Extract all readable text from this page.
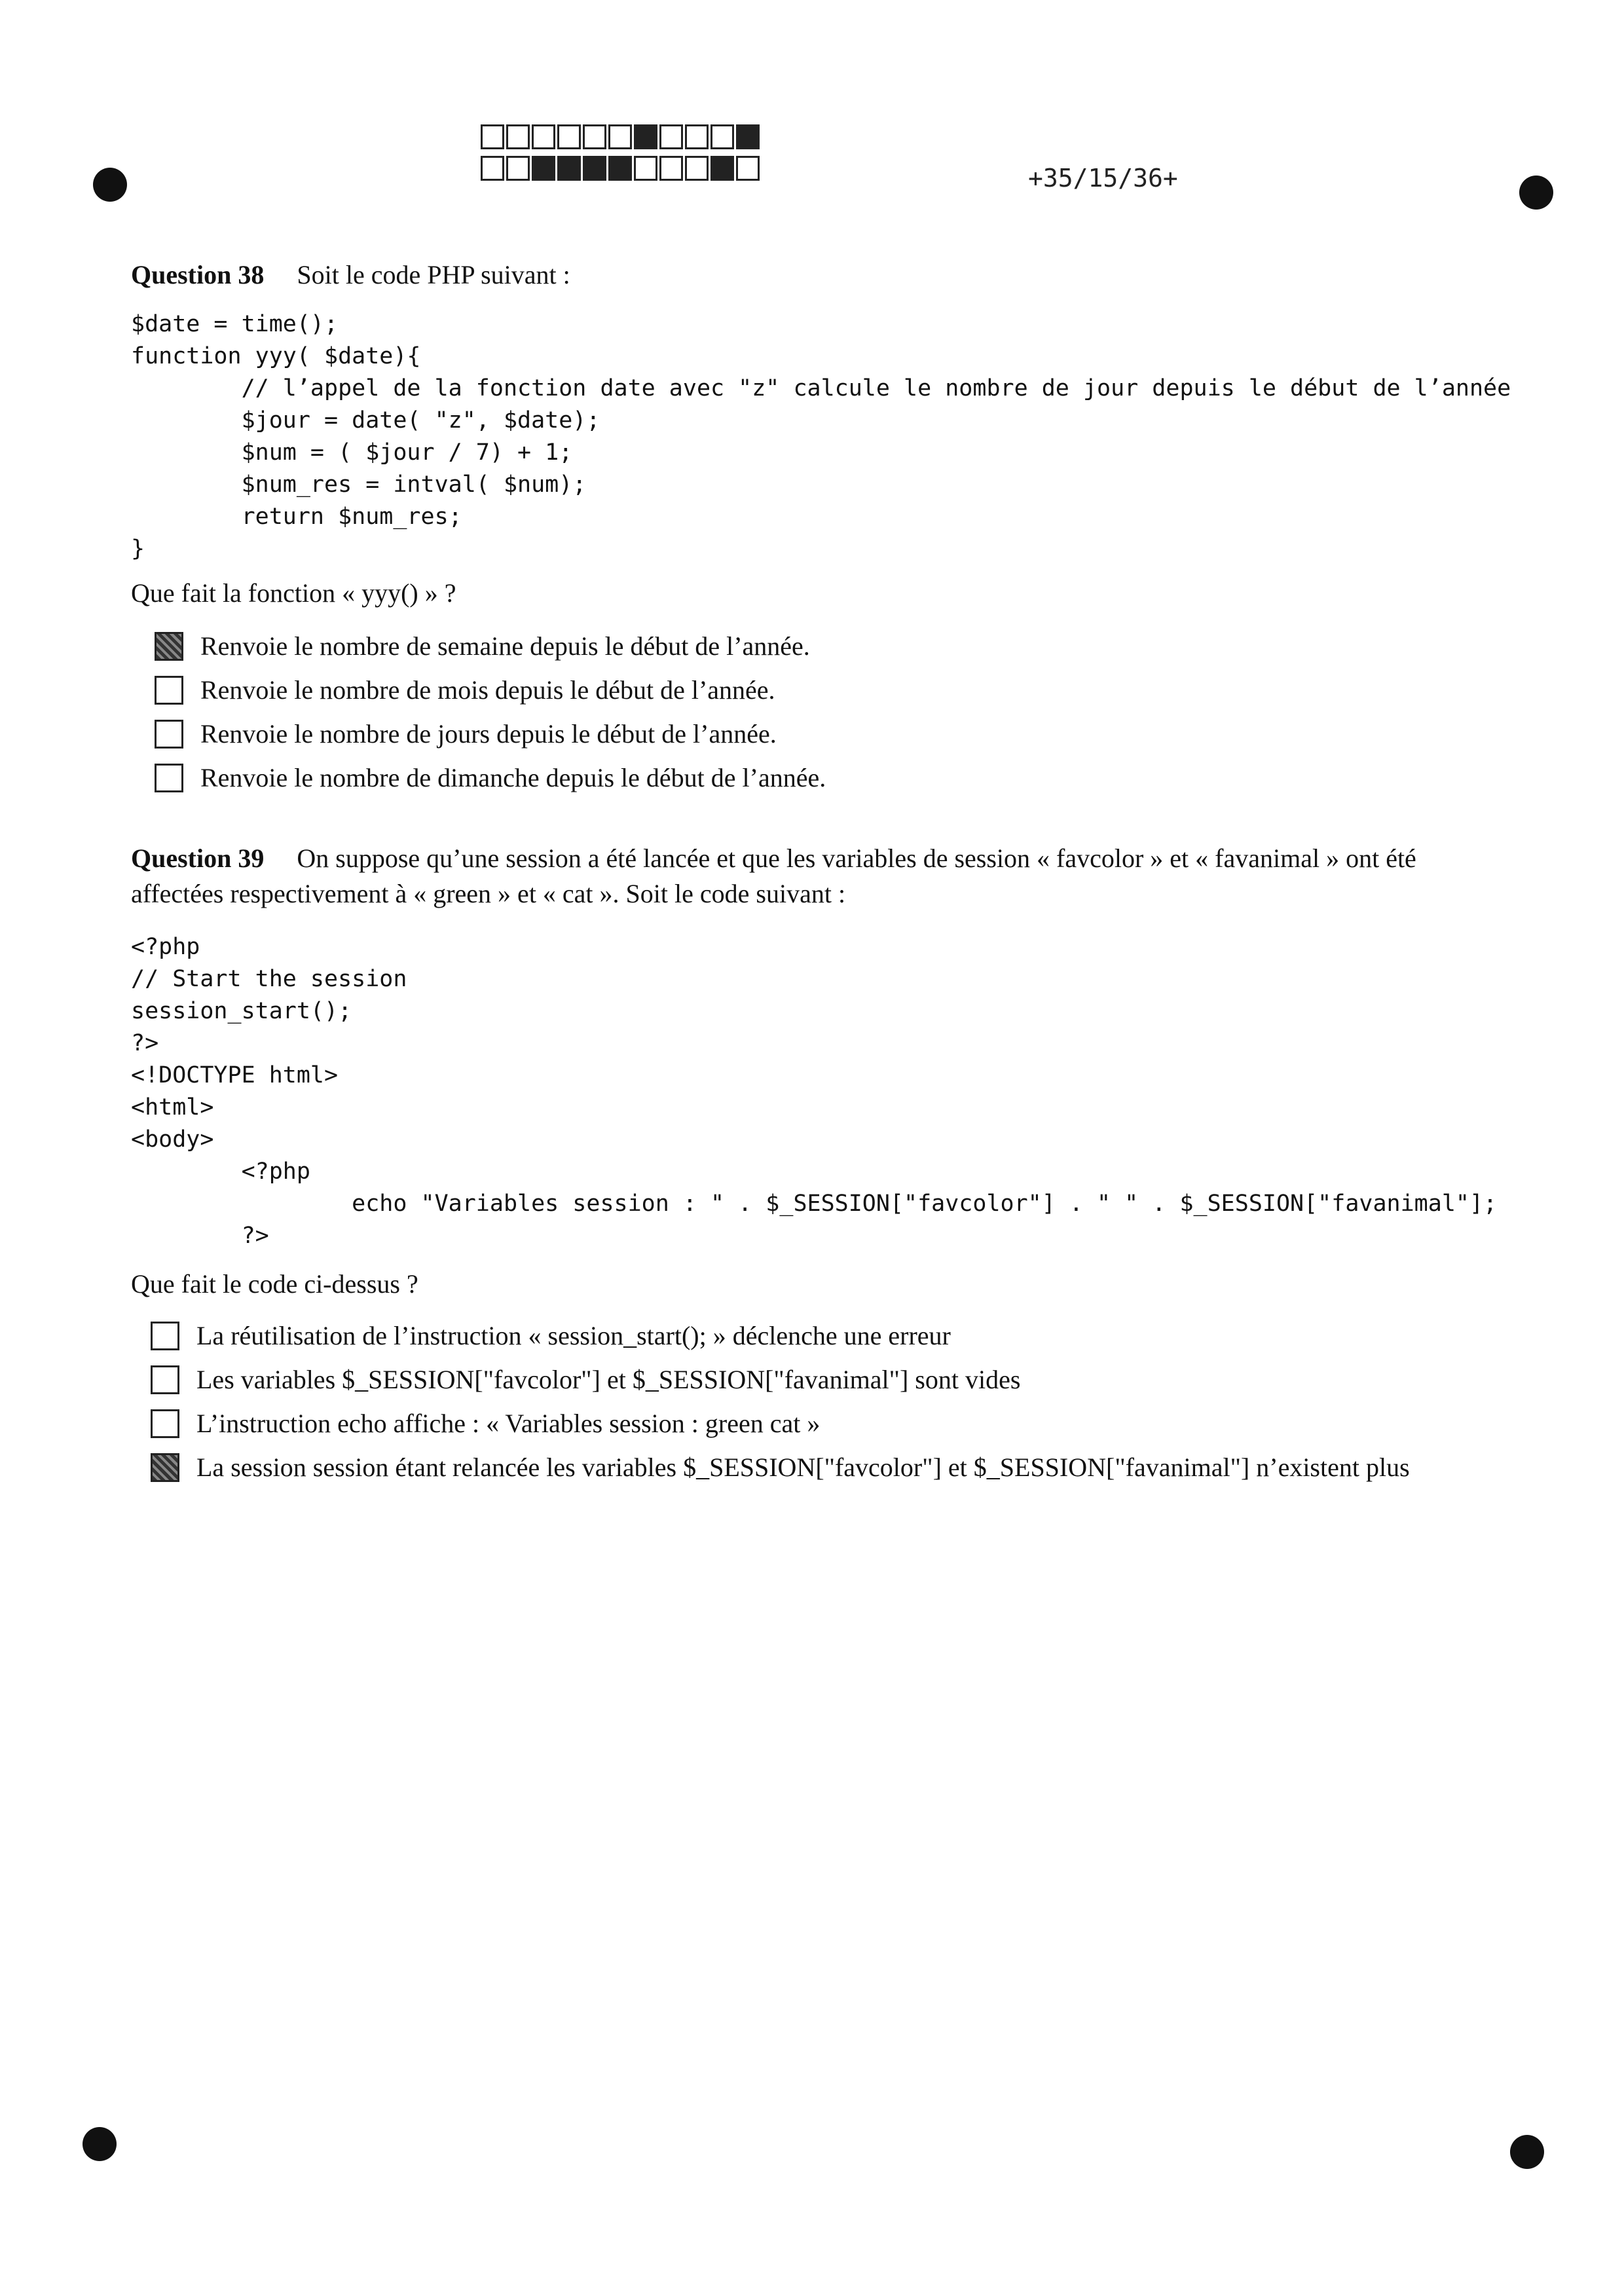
+35/15/36+

Question 38 Soit le code PHP suivant :

$date = time();
function yyy( $date){
// l’appel de la fonction date avec "z" calcule le nombre de jour depuis le début de l’année
$jour = date( "z", $date);
$num = ( $jour / 7) + 1;
$num_res = intval( $num);
return $num_res;
}

Que fait la fonction « yyy() » ?

Renvoie le nombre de semaine depuis le début de l’année.
Renvoie le nombre de mois depuis le début de l’année.
Renvoie le nombre de jours depuis le début de l’année.
Renvoie le nombre de dimanche depuis le début de l’année.

Question 39 On suppose qu’une session a été lancée et que les variables de session « favcolor » et « favanimal » ont été

affectées respectivement à « green » et « cat ». Soit le code suivant :

<?php
// Start the session
session_start();
?>
<!DOCTYPE html>
<html>
<body>
<?php
echo "Variables session : " . $_SESSION["favcolor"] . " " . $_SESSION["favanimal"];
?>

Que fait le code ci-dessus ?

La réutilisation de l’instruction « session_start(); » déclenche une erreur
Les variables $_SESSION["favcolor"] et $_SESSION["favanimal"] sont vides
L’instruction echo affiche : « Variables session : green cat »
La session session étant relancée les variables $_SESSION["favcolor"] et $_SESSION["favanimal"] n’existent plus
